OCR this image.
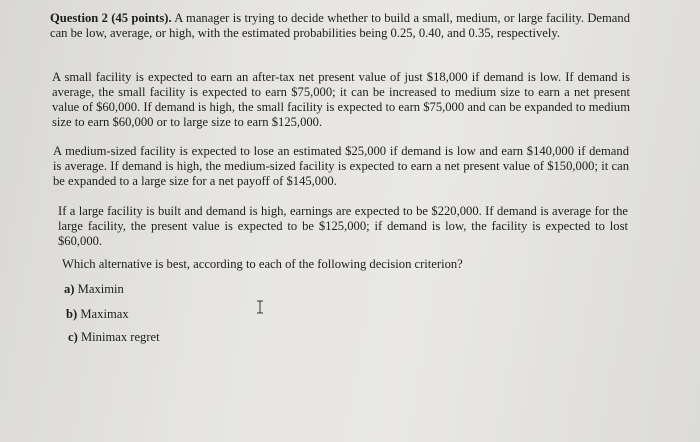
Question 2 (45 points). A manager is trying to decide whether to build a small, medium, or large facility. Demand can be low, average, or high, with the estimated probabilities being 0.25, 0.40, and 0.35, respectively.
A small facility is expected to earn an after-tax net present value of just $18,000 if demand is low. If demand is average, the small facility is expected to earn $75,000; it can be increased to medium size to earn a net present value of $60,000. If demand is high, the small facility is expected to earn $75,000 and can be expanded to medium size to earn $60,000 or to large size to earn $125,000.
A medium-sized facility is expected to lose an estimated $25,000 if demand is low and earn $140,000 if demand is average. If demand is high, the medium-sized facility is expected to earn a net present value of $150,000; it can be expanded to a large size for a net payoff of $145,000.
If a large facility is built and demand is high, earnings are expected to be $220,000. If demand is average for the large facility, the present value is expected to be $125,000; if demand is low, the facility is expected to lost $60,000.
Which alternative is best, according to each of the following decision criterion?
a) Maximin
b) Maximax
c) Minimax regret
